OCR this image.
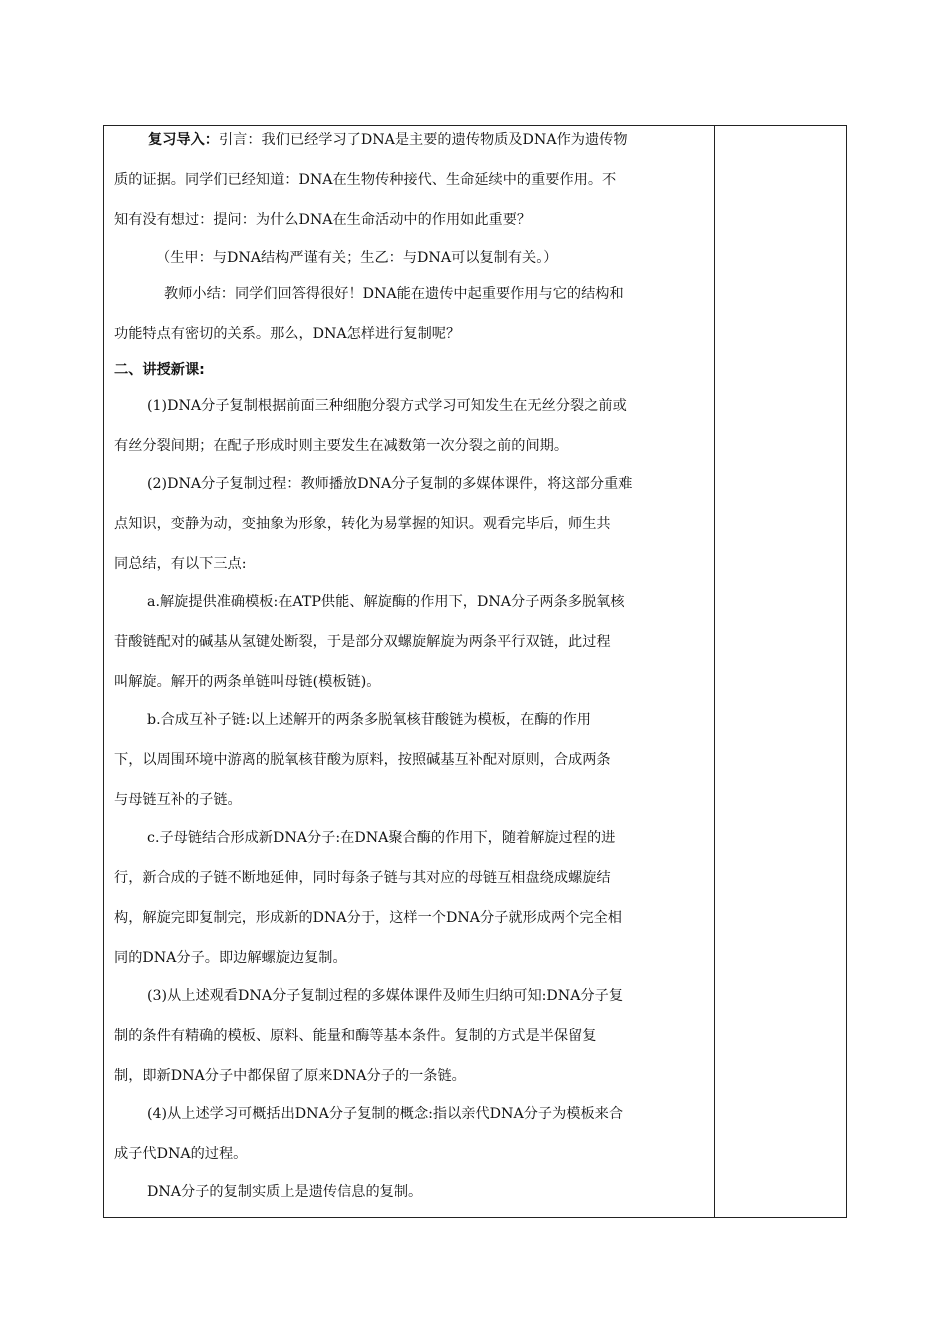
复习导入：引言：我们已经学习了DNA是主要的遗传物质及DNA作为遗传物
质的证据。同学们已经知道：DNA在生物传种接代、生命延续中的重要作用。不
知有没有想过：提问：为什么DNA在生命活动中的作用如此重要？
（生甲：与DNA结构严谨有关；生乙：与DNA可以复制有关。）
教师小结：同学们回答得很好！DNA能在遗传中起重要作用与它的结构和
功能特点有密切的关系。那么，DNA怎样进行复制呢？
二、讲授新课:
(1)DNA分子复制根据前面三种细胞分裂方式学习可知发生在无丝分裂之前或
有丝分裂间期；在配子形成时则主要发生在减数第一次分裂之前的间期。
(2)DNA分子复制过程：教师播放DNA分子复制的多媒体课件，将这部分重难
点知识，变静为动，变抽象为形象，转化为易掌握的知识。观看完毕后，师生共
同总结，有以下三点:
a.解旋提供准确模板:在ATP供能、解旋酶的作用下，DNA分子两条多脱氧核
苷酸链配对的碱基从氢键处断裂，于是部分双螺旋解旋为两条平行双链，此过程
叫解旋。解开的两条单链叫母链(模板链)。
b.合成互补子链:以上述解开的两条多脱氧核苷酸链为模板，在酶的作用
下，以周围环境中游离的脱氧核苷酸为原料，按照碱基互补配对原则，合成两条
与母链互补的子链。
c.子母链结合形成新DNA分子:在DNA聚合酶的作用下，随着解旋过程的进
行，新合成的子链不断地延伸，同时每条子链与其对应的母链互相盘绕成螺旋结
构，解旋完即复制完，形成新的DNA分于，这样一个DNA分子就形成两个完全相
同的DNA分子。即边解螺旋边复制。
(3)从上述观看DNA分子复制过程的多媒体课件及师生归纳可知:DNA分子复
制的条件有精确的模板、原料、能量和酶等基本条件。复制的方式是半保留复
制，即新DNA分子中都保留了原来DNA分子的一条链。
(4)从上述学习可概括出DNA分子复制的概念:指以亲代DNA分子为模板来合
成子代DNA的过程。
DNA分子的复制实质上是遗传信息的复制。
